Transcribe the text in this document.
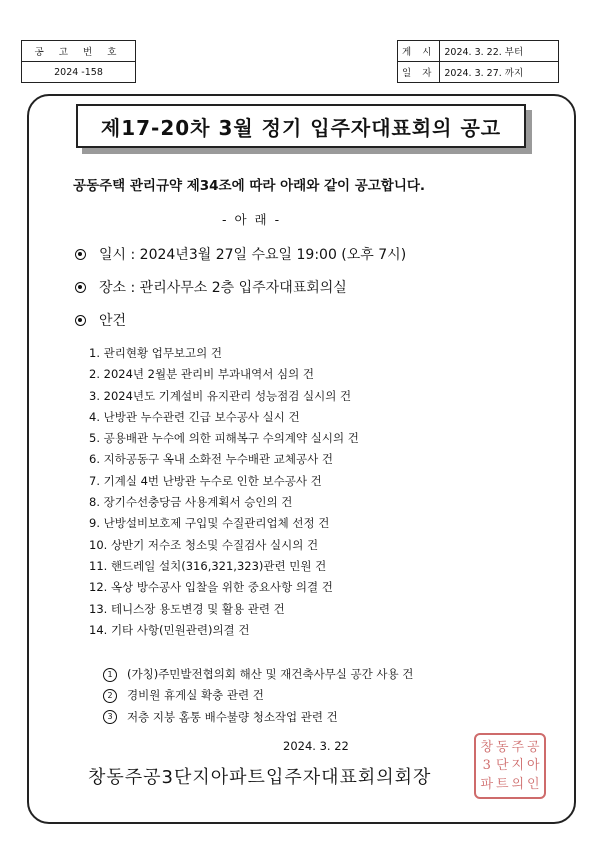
공 고 번 호
2024 -158
게 시	2024. 3. 22. 부터
일 자	2024. 3. 27. 까지
제17-20차 3월 정기 입주자대표회의 공고
공동주택 관리규약 제34조에 따라 아래와 같이 공고합니다.
- 아 래 -
일시 : 2024년3월 27일 수요일 19:00 (오후 7시)
장소 : 관리사무소 2층 입주자대표회의실
안건
1. 관리현황 업무보고의 건
2. 2024년 2월분 관리비 부과내역서 심의 건
3. 2024년도 기계설비 유지관리 성능점검 실시의 건
4. 난방관 누수관련 긴급 보수공사 실시 건
5. 공용배관 누수에 의한 피해복구 수의계약 실시의 건
6. 지하공동구 옥내 소화전 누수배관 교체공사 건
7. 기계실 4번 난방관 누수로 인한 보수공사 건
8. 장기수선충당금 사용계획서 승인의 건
9. 난방설비보호제 구입및 수질관리업체 선정 건
10. 상반기 저수조 청소및 수질검사 실시의 건
11. 핸드레일 설치(316,321,323)관련 민원 건
12. 옥상 방수공사 입찰을 위한 중요사항 의결 건
13. 테니스장 용도변경 및 활용 관련 건
14. 기타 사항(민원관련)의결 건
1	(가칭)주민발전협의회 해산 및 재건축사무실 공간 사용 건
2	경비원 휴게실 확충 관련 건
3	저층 지붕 홈통 배수불량 청소작업 관련 건
2024. 3. 22
창동주공3단지아파트입주자대표회의회장
창 동 주 공
3 단 지 아
파 트 의 인
